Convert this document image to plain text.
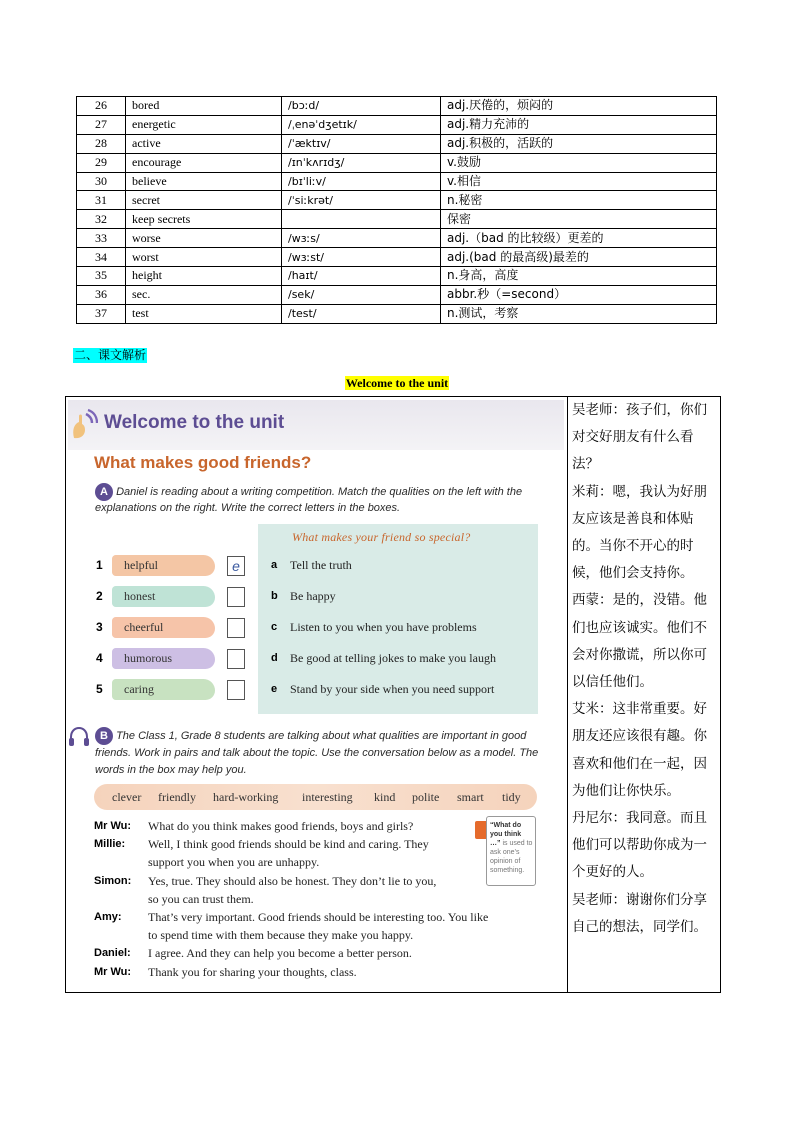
26	bored	/bɔːd/	adj.厌倦的，烦闷的
27	energetic	/ˌenəˈdʒetɪk/	adj.精力充沛的
28	active	/ˈæktɪv/	adj.积极的，活跃的
29	encourage	/ɪnˈkʌrɪdʒ/	v.鼓励
30	believe	/bɪˈliːv/	v.相信
31	secret	/ˈsiːkrət/	n.秘密
32	keep secrets		保密
33	worse	/wɜːs/	adj.（bad 的比较级）更差的
34	worst	/wɜːst/	adj.(bad 的最高级)最差的
35	height	/haɪt/	n.身高，高度
36	sec.	/sek/	abbr.秒（=second）
37	test	/test/	n.测试，考察
二、课文解析
Welcome to the unit
Welcome to the unit
What makes good friends?
A Daniel is reading about a writing competition. Match the qualities on the left with the explanations on the right. Write the correct letters in the boxes.
What makes your friend so special?
1	helpful	e
2	honest
3	cheerful
4	humorous
5	caring
a Tell the truth
b Be happy
c Listen to you when you have problems
d Be good at telling jokes to make you laugh
e Stand by your side when you need support
B The Class 1, Grade 8 students are talking about what qualities are important in good friends. Work in pairs and talk about the topic. Use the conversation below as a model. The words in the box may help you.
clever friendly hard-working interesting kind polite smart tidy
Mr Wu: What do you think makes good friends, boys and girls?
Millie: Well, I think good friends should be kind and caring. They
support you when you are unhappy.
Simon: Yes, true. They should also be honest. They don’t lie to you,
so you can trust them.
Amy: That’s very important. Good friends should be interesting too. You like
to spend time with them because they make you happy.
Daniel: I agree. And they can help you become a better person.
Mr Wu: Thank you for sharing your thoughts, class.
“What do you think …” is used to ask one’s opinion of something.

吴老师：孩子们，你们对交好朋友有什么看法？

米莉：嗯，我认为好朋友应该是善良和体贴的。当你不开心的时候，他们会支持你。

西蒙：是的，没错。他们也应该诚实。他们不会对你撒谎，所以你可以信任他们。

艾米：这非常重要。好朋友还应该很有趣。你喜欢和他们在一起，因为他们让你快乐。

丹尼尔：我同意。而且他们可以帮助你成为一个更好的人。

吴老师：谢谢你们分享自己的想法，同学们。
